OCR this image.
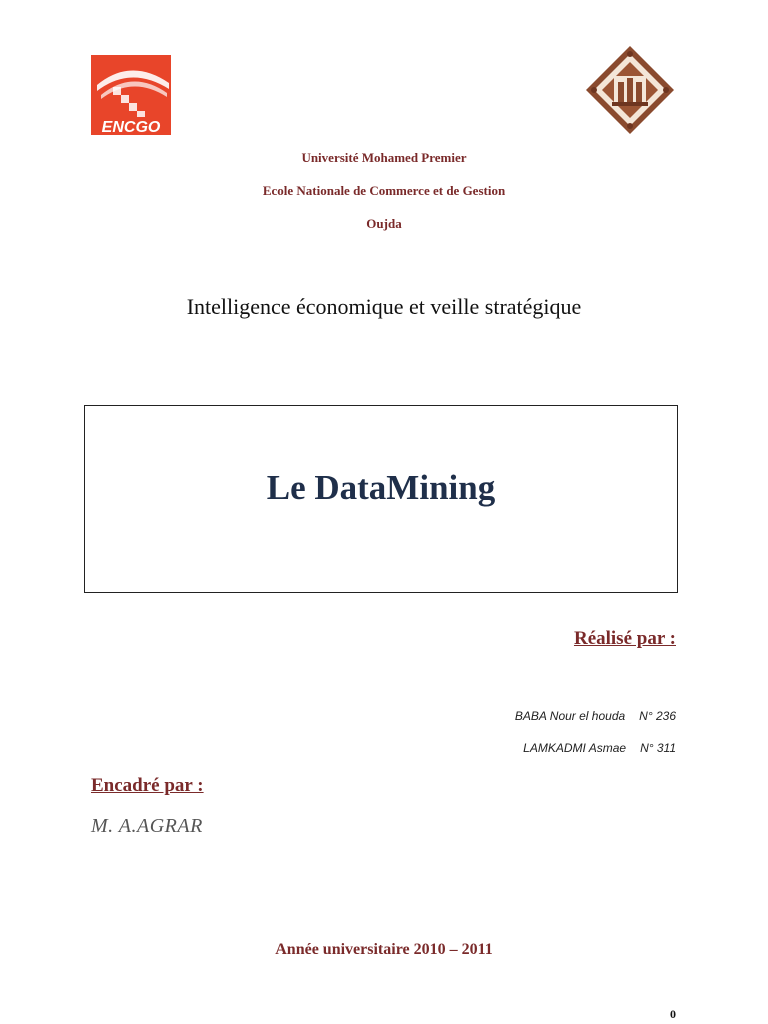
ENCGO
Université Mohamed Premier
Ecole Nationale de Commerce et de Gestion
Oujda
Intelligence économique et veille stratégique
Le DataMining
Réalisé par :
BABA Nour el houda N° 236
LAMKADMI Asmae N° 311
Encadré par :
M. A.AGRAR
Année universitaire 2010 – 2011
0
